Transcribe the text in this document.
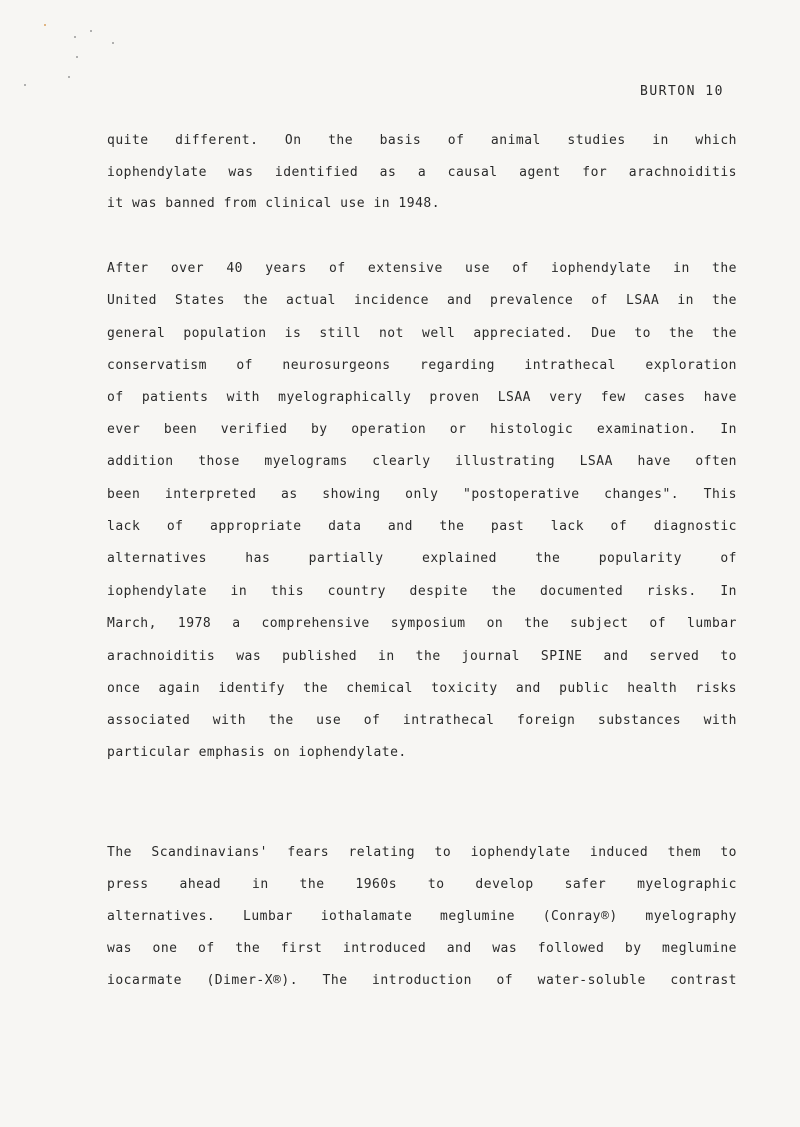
BURTON 10
quite different. On the basis of animal studies in which
iophendylate was identified as a causal agent for arachnoiditis
it was banned from clinical use in 1948.
After over 40 years of extensive use of iophendylate in the
United States the actual incidence and prevalence of LSAA in the
general population is still not well appreciated. Due to the the
conservatism of neurosurgeons regarding intrathecal exploration
of patients with myelographically proven LSAA very few cases have
ever been verified by operation or histologic examination. In
addition those myelograms clearly illustrating LSAA have often
been interpreted as showing only "postoperative changes". This
lack of appropriate data and the past lack of diagnostic
alternatives has partially explained the popularity of
iophendylate in this country despite the documented risks. In
March, 1978 a comprehensive symposium on the subject of lumbar
arachnoiditis was published in the journal SPINE and served to
once again identify the chemical toxicity and public health risks
associated with the use of intrathecal foreign substances with
particular emphasis on iophendylate.
The Scandinavians' fears relating to iophendylate induced them to
press ahead in the 1960s to develop safer myelographic
alternatives. Lumbar iothalamate meglumine (Conray®) myelography
was one of the first introduced and was followed by meglumine
iocarmate (Dimer-X®). The introduction of water-soluble contrast
